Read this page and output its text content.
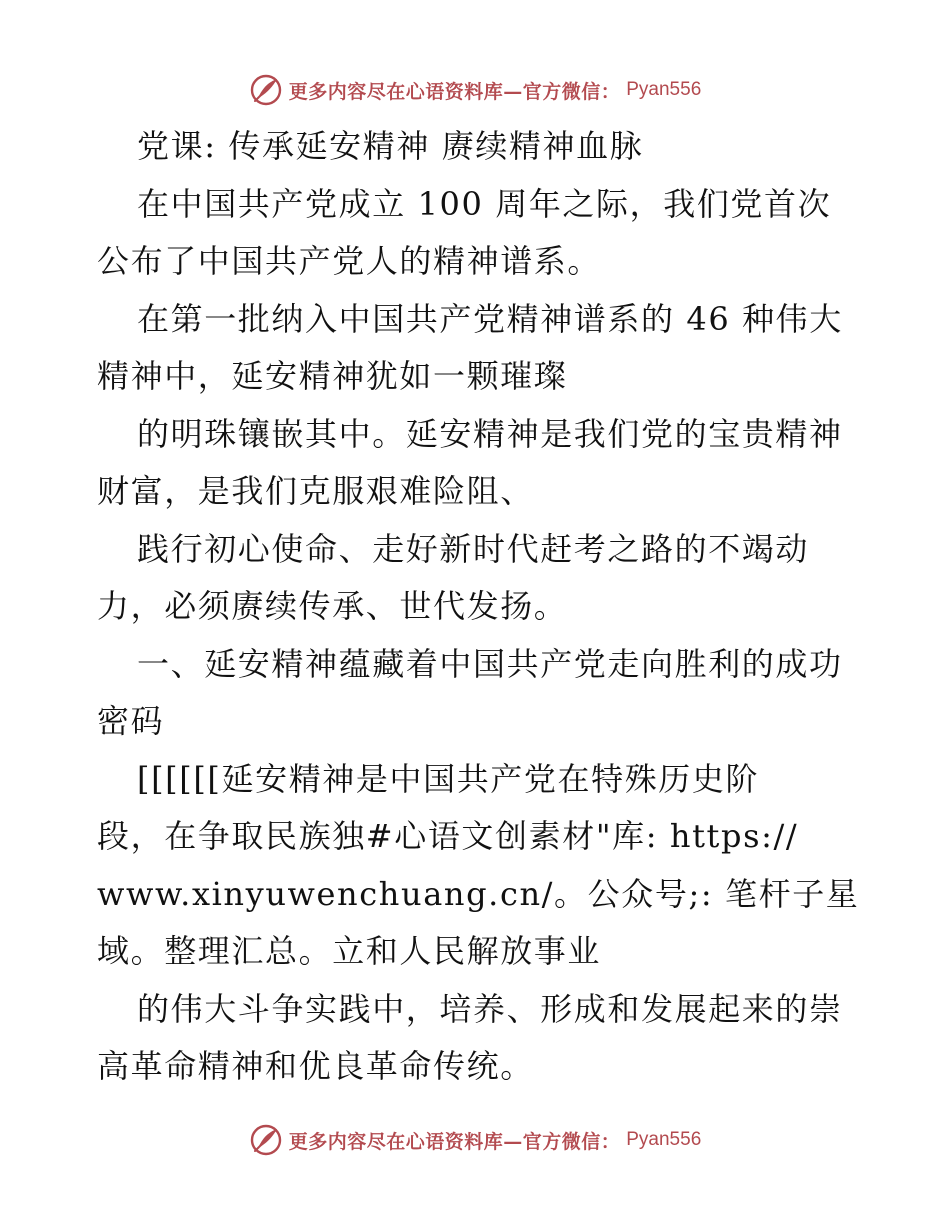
更多内容尽在心语资料库—官方微信： Pyan556
党课: 传承延安精神 赓续精神血脉
在中国共产党成立 100 周年之际，我们党首次
公布了中国共产党人的精神谱系。
在第一批纳入中国共产党精神谱系的 46 种伟大
精神中，延安精神犹如一颗璀璨
的明珠镶嵌其中。延安精神是我们党的宝贵精神
财富，是我们克服艰难险阻、
践行初心使命、走好新时代赶考之路的不竭动
力，必须赓续传承、世代发扬。
一、延安精神蕴藏着中国共产党走向胜利的成功
密码
[[[[[[延安精神是中国共产党在特殊历史阶
段，在争取民族独#心语文创素材"库: https://
www.xinyuwenchuang.cn/。公众号;: 笔杆子星
域。整理汇总。立和人民解放事业
的伟大斗争实践中，培养、形成和发展起来的崇
高革命精神和优良革命传统。
更多内容尽在心语资料库—官方微信： Pyan556
